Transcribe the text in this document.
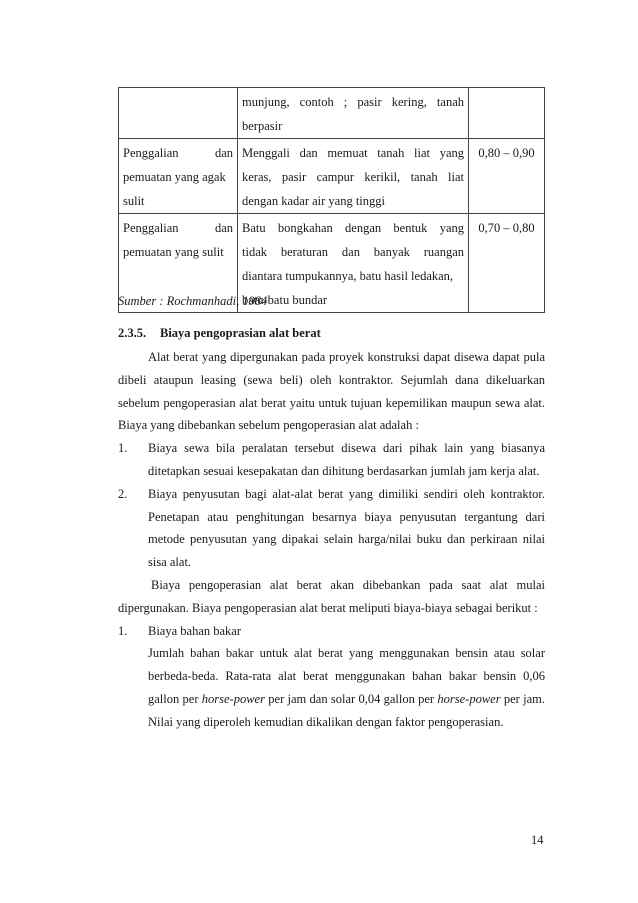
	munjung, contoh ; pasir kering, tanah
berpasir	

Penggalian dan
pemuatan yang agak
sulit	Menggali dan memuat tanah liat yang
keras, pasir campur kerikil, tanah liat
dengan kadar air yang tinggi	0,80 – 0,90

Penggalian dan
pemuatan yang sulit	Batu bongkahan dengan bentuk yang
tidak beraturan dan banyak ruangan
diantara tumpukannya, batu hasil ledakan,
batu-batu bundar	0,70 – 0,80
Sumber : Rochmanhadi, 1984
2.3.5. Biaya pengoprasian alat berat

Alat berat yang dipergunakan pada proyek konstruksi dapat disewa dapat pula dibeli ataupun leasing (sewa beli) oleh kontraktor. Sejumlah dana dikeluarkan sebelum pengoperasian alat berat yaitu untuk tujuan kepemilikan maupun sewa alat. Biaya yang dibebankan sebelum pengoperasian alat adalah :

1. Biaya sewa bila peralatan tersebut disewa dari pihak lain yang biasanya ditetapkan sesuai kesepakatan dan dihitung berdasarkan jumlah jam kerja alat.
2. Biaya penyusutan bagi alat-alat berat yang dimiliki sendiri oleh kontraktor. Penetapan atau penghitungan besarnya biaya penyusutan tergantung dari metode penyusutan yang dipakai selain harga/nilai buku dan perkiraan nilai sisa alat.

Biaya pengoperasian alat berat akan dibebankan pada saat alat mulai dipergunakan. Biaya pengoperasian alat berat meliputi biaya-biaya sebagai berikut :

1. Biaya bahan bakar

Jumlah bahan bakar untuk alat berat yang menggunakan bensin atau solar berbeda-beda. Rata-rata alat berat menggunakan bahan bakar bensin 0,06 gallon per horse-power per jam dan solar 0,04 gallon per horse-power per jam. Nilai yang diperoleh kemudian dikalikan dengan faktor pengoperasian.

14
